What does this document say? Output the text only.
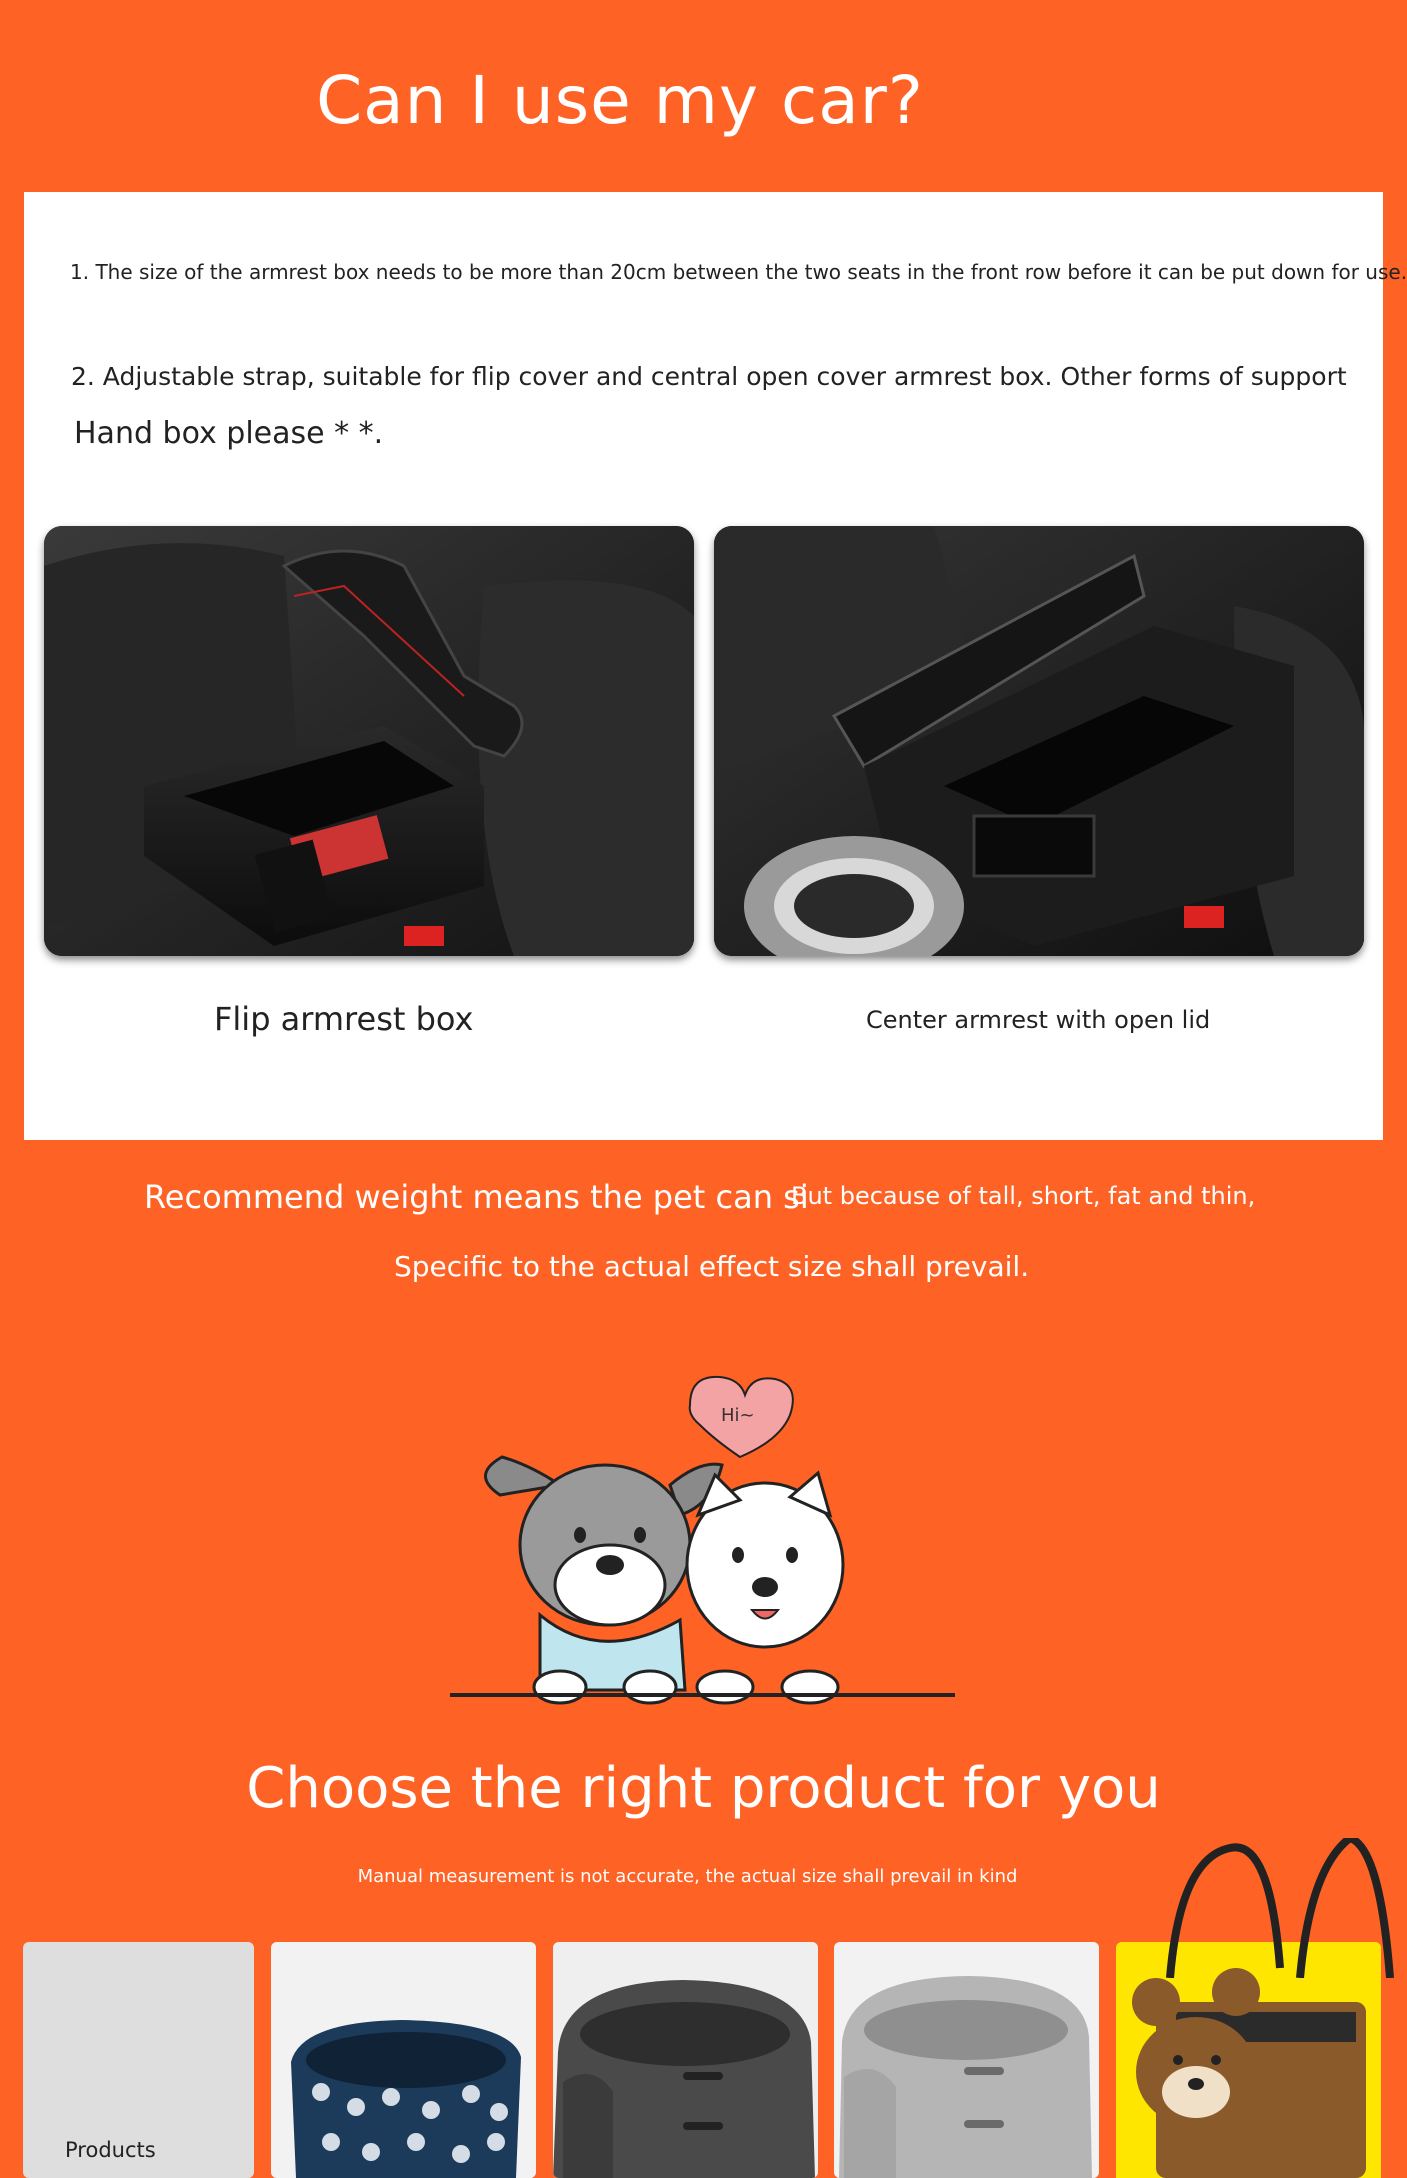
Can I use my car?
1. The size of the armrest box needs to be more than 20cm between the two seats in the front row before it can be put down for use.
2. Adjustable strap, suitable for flip cover and central open cover armrest box. Other forms of support
Hand box please * *.
Flip armrest box	Center armrest with open lid
Recommend weight means the pet can si
But because of tall, short, fat and thin,
Specific to the actual effect size shall prevail.
Hi~
Choose the right product for you
Manual measurement is not accurate, the actual size shall prevail in kind
Products
